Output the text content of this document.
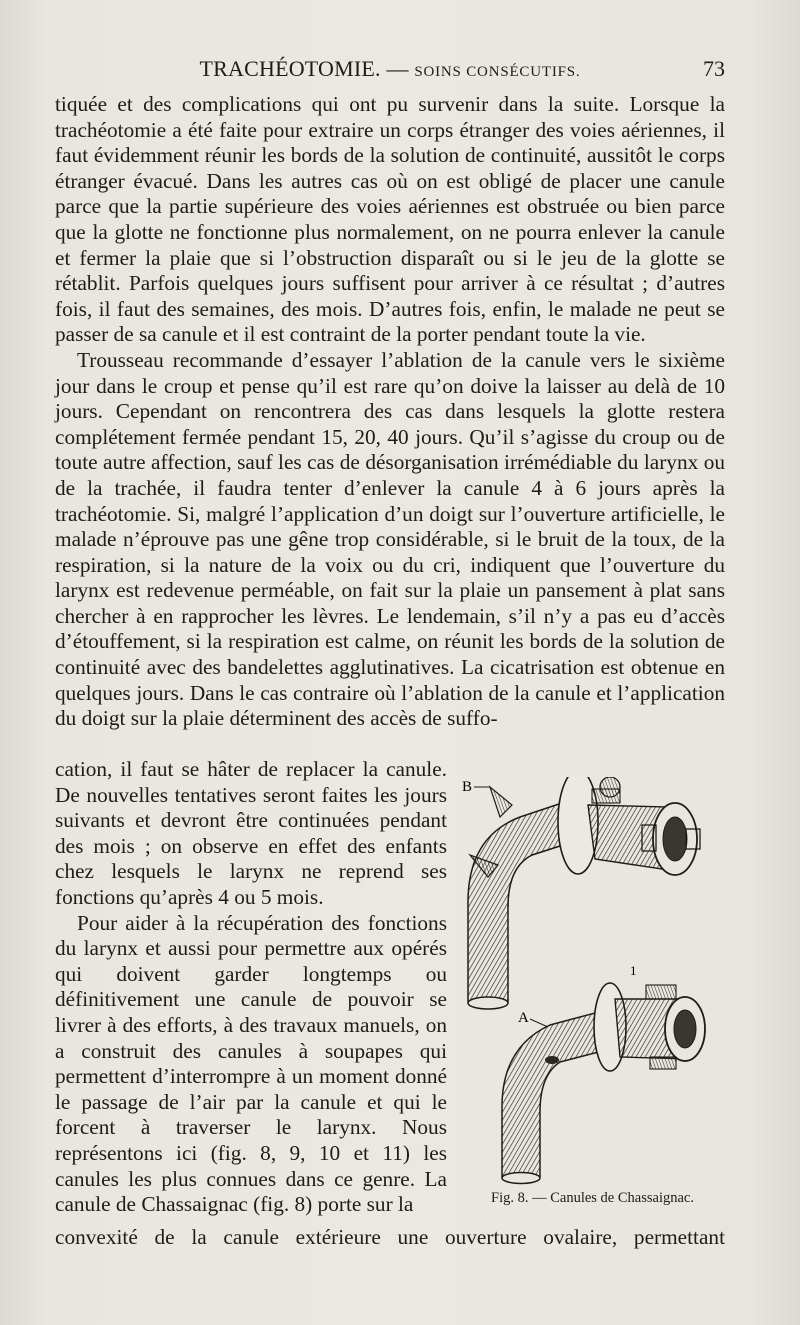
TRACHÉOTOMIE. — SOINS CONSÉCUTIFS.	73

tiquée et des complications qui ont pu survenir dans la suite. Lorsque la trachéotomie a été faite pour extraire un corps étranger des voies aériennes, il faut évidemment réunir les bords de la solution de continuité, aussitôt le corps étranger évacué. Dans les autres cas où on est obligé de placer une canule parce que la partie supérieure des voies aériennes est obstruée ou bien parce que la glotte ne fonctionne plus normalement, on ne pourra enlever la canule et fermer la plaie que si l’obstruction disparaît ou si le jeu de la glotte se rétablit. Parfois quelques jours suffisent pour arriver à ce résultat ; d’autres fois, il faut des semaines, des mois. D’autres fois, enfin, le malade ne peut se passer de sa canule et il est contraint de la porter pendant toute la vie.

Trousseau recommande d’essayer l’ablation de la canule vers le sixième jour dans le croup et pense qu’il est rare qu’on doive la laisser au delà de 10 jours. Cependant on rencontrera des cas dans lesquels la glotte restera complétement fermée pendant 15, 20, 40 jours. Qu’il s’agisse du croup ou de toute autre affection, sauf les cas de désorganisation irrémédiable du larynx ou de la trachée, il faudra tenter d’enlever la canule 4 à 6 jours après la trachéotomie. Si, malgré l’application d’un doigt sur l’ouverture artificielle, le malade n’éprouve pas une gêne trop considérable, si le bruit de la toux, de la respiration, si la nature de la voix ou du cri, indiquent que l’ouverture du larynx est redevenue perméable, on fait sur la plaie un pansement à plat sans chercher à en rapprocher les lèvres. Le lendemain, s’il n’y a pas eu d’accès d’étouffement, si la respiration est calme, on réunit les bords de la solution de continuité avec des bandelettes agglutinatives. La cicatrisation est obtenue en quelques jours. Dans le cas contraire où l’ablation de la canule et l’application du doigt sur la plaie déterminent des accès de suffo-

cation, il faut se hâter de replacer la canule. De nouvelles tentatives seront faites les jours suivants et devront être continuées pendant des mois ; on observe en effet des enfants chez lesquels le larynx ne reprend ses fonctions qu’après 4 ou 5 mois.

Pour aider à la récupération des fonctions du larynx et aussi pour permettre aux opérés qui doivent garder longtemps ou définitivement une canule de pouvoir se livrer à des efforts, à des travaux manuels, on a construit des canules à soupapes qui permettent d’interrompre à un moment donné le passage de l’air par la canule et qui le forcent à traverser le larynx. Nous représentons ici (fig. 8, 9, 10 et 11) les canules les plus connues dans ce genre. La canule de Chassaignac (fig. 8) porte sur la

B
1
A
Fig. 8. — Canules de Chassaignac.
convexité de la canule extérieure une ouverture ovalaire, permettant
